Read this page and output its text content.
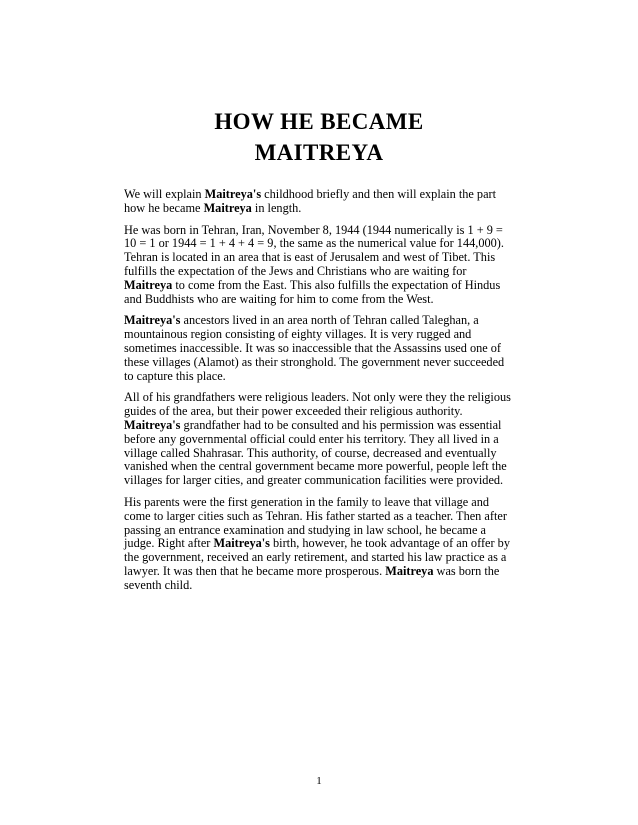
HOW HE BECAME
MAITREYA

We will explain Maitreya's childhood briefly and then will explain the part how he became Maitreya in length.

He was born in Tehran, Iran, November 8, 1944 (1944 numerically is 1 + 9 = 10 = 1 or 1944 = 1 + 4 + 4 = 9, the same as the numerical value for 144,000). Tehran is located in an area that is east of Jerusalem and west of Tibet. This fulfills the expectation of the Jews and Christians who are waiting for Maitreya to come from the East. This also fulfills the expectation of Hindus and Buddhists who are waiting for him to come from the West.

Maitreya's ancestors lived in an area north of Tehran called Taleghan, a mountainous region consisting of eighty villages. It is very rugged and sometimes inaccessible. It was so inaccessible that the Assassins used one of these villages (Alamot) as their stronghold. The government never succeeded to capture this place.

All of his grandfathers were religious leaders. Not only were they the religious guides of the area, but their power exceeded their religious authority. Maitreya's grandfather had to be consulted and his permission was essential before any governmental official could enter his territory. They all lived in a village called Shahrasar. This authority, of course, decreased and eventually vanished when the central government became more powerful, people left the villages for larger cities, and greater communication facilities were provided.

His parents were the first generation in the family to leave that village and come to larger cities such as Tehran. His father started as a teacher. Then after passing an entrance examination and studying in law school, he became a judge. Right after Maitreya's birth, however, he took advantage of an offer by the government, received an early retirement, and started his law practice as a lawyer. It was then that he became more prosperous. Maitreya was born the seventh child.

1
